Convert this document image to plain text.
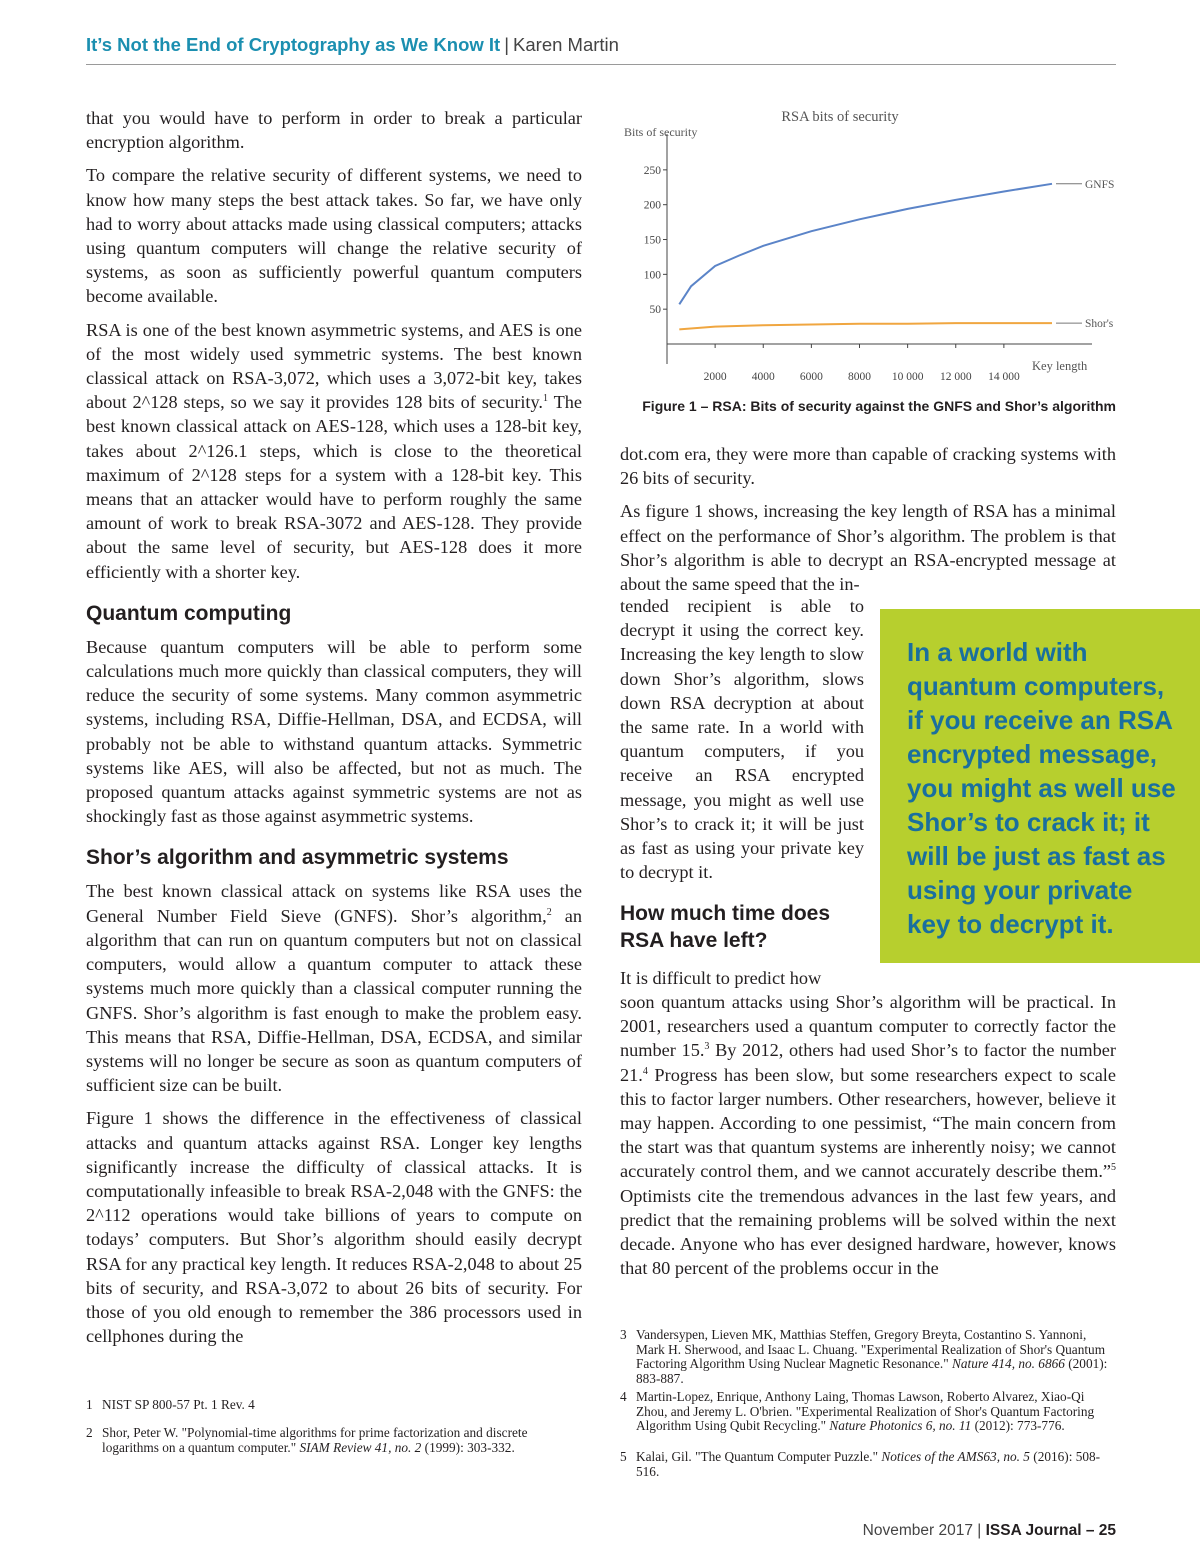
It’s Not the End of Cryptography as We Know It | Karen Martin

that you would have to perform in order to break a particular encryption algorithm.

To compare the relative security of different systems, we need to know how many steps the best attack takes. So far, we have only had to worry about attacks made using classical computers; attacks using quantum computers will change the relative security of systems, as soon as sufficiently powerful quantum computers become available.

RSA is one of the best known asymmetric systems, and AES is one of the most widely used symmetric systems. The best known classical attack on RSA-3,072, which uses a 3,072-bit key, takes about 2^128 steps, so we say it provides 128 bits of security.$^1$ The best known classical attack on AES-128, which uses a 128-bit key, takes about 2^126.1 steps, which is close to the theoretical maximum of 2^128 steps for a system with a 128-bit key. This means that an attacker would have to perform roughly the same amount of work to break RSA-3072 and AES-128. They provide about the same level of security, but AES-128 does it more efficiently with a shorter key.

Quantum computing

Because quantum computers will be able to perform some calculations much more quickly than classical computers, they will reduce the security of some systems. Many common asymmetric systems, including RSA, Diffie-Hellman, DSA, and ECDSA, will probably not be able to withstand quantum attacks. Symmetric systems like AES, will also be affected, but not as much. The proposed quantum attacks against symmetric systems are not as shockingly fast as those against asymmetric systems.

Shor’s algorithm and asymmetric systems

The best known classical attack on systems like RSA uses the General Number Field Sieve (GNFS). Shor’s algorithm,$^2$ an algorithm that can run on quantum computers but not on classical computers, would allow a quantum computer to attack these systems much more quickly than a classical computer running the GNFS. Shor’s algorithm is fast enough to make the problem easy. This means that RSA, Diffie-Hellman, DSA, ECDSA, and similar systems will no longer be secure as soon as quantum computers of sufficient size can be built.

Figure 1 shows the difference in the effectiveness of classical attacks and quantum attacks against RSA. Longer key lengths significantly increase the difficulty of classical attacks. It is computationally infeasible to break RSA-2,048 with the GNFS: the 2^112 operations would take billions of years to compute on todays’ computers. But Shor’s algorithm should easily decrypt RSA for any practical key length. It reduces RSA-2,048 to about 25 bits of security, and RSA-3,072 to about 26 bits of security. For those of you old enough to remember the 386 processors used in cellphones during the

RSA bits of security
Bits of security
Key length
2000 4000 6000 8000 10 000 12 000 14 000
50
100
150
200
250
GNFS
Shor's
Figure 1 – RSA: Bits of security against the GNFS and Shor’s algorithm

dot.com era, they were more than capable of cracking systems with 26 bits of security.

As figure 1 shows, increasing the key length of RSA has a minimal effect on the performance of Shor’s algorithm. The problem is that Shor’s algorithm is able to decrypt an RSA-encrypted message at about the same speed that the in-

tended recipient is able to decrypt it using the correct key. Increasing the key length to slow down Shor’s algorithm, slows down RSA decryption at about the same rate. In a world with quantum computers, if you receive an RSA encrypted message, you might as well use Shor’s to crack it; it will be just as fast as using your private key to decrypt it.
How much time does RSA have left?
It is difficult to predict how

soon quantum attacks using Shor’s algorithm will be practical. In 2001, researchers used a quantum computer to correctly factor the number 15.$^3$ By 2012, others had used Shor’s to factor the number 21.$^4$ Progress has been slow, but some researchers expect to scale this to factor larger numbers. Other researchers, however, believe it may happen. According to one pessimist, “The main concern from the start was that quantum systems are inherently noisy; we cannot accurately control them, and we cannot accurately describe them.”$^5$ Optimists cite the tremendous advances in the last few years, and predict that the remaining problems will be solved within the next decade. Anyone who has ever designed hardware, however, knows that 80 percent of the problems occur in the

In a world with quantum computers, if you receive an RSA encrypted message, you might as well use Shor’s to crack it; it will be just as fast as using your private key to decrypt it.
1 NIST SP 800-57 Pt. 1 Rev. 4
2 Shor, Peter W. "Polynomial-time algorithms for prime factorization and discrete logarithms on a quantum computer." SIAM Review 41, no. 2 (1999): 303-332.
3 Vandersypen, Lieven MK, Matthias Steffen, Gregory Breyta, Costantino S. Yannoni, Mark H. Sherwood, and Isaac L. Chuang. "Experimental Realization of Shor's Quantum Factoring Algorithm Using Nuclear Magnetic Resonance." Nature 414, no. 6866 (2001): 883-887.
4 Martin-Lopez, Enrique, Anthony Laing, Thomas Lawson, Roberto Alvarez, Xiao-Qi Zhou, and Jeremy L. O'brien. "Experimental Realization of Shor's Quantum Factoring Algorithm Using Qubit Recycling." Nature Photonics 6, no. 11 (2012): 773-776.
5 Kalai, Gil. "The Quantum Computer Puzzle." Notices of the AMS63, no. 5 (2016): 508-516.
November 2017 | ISSA Journal – 25
